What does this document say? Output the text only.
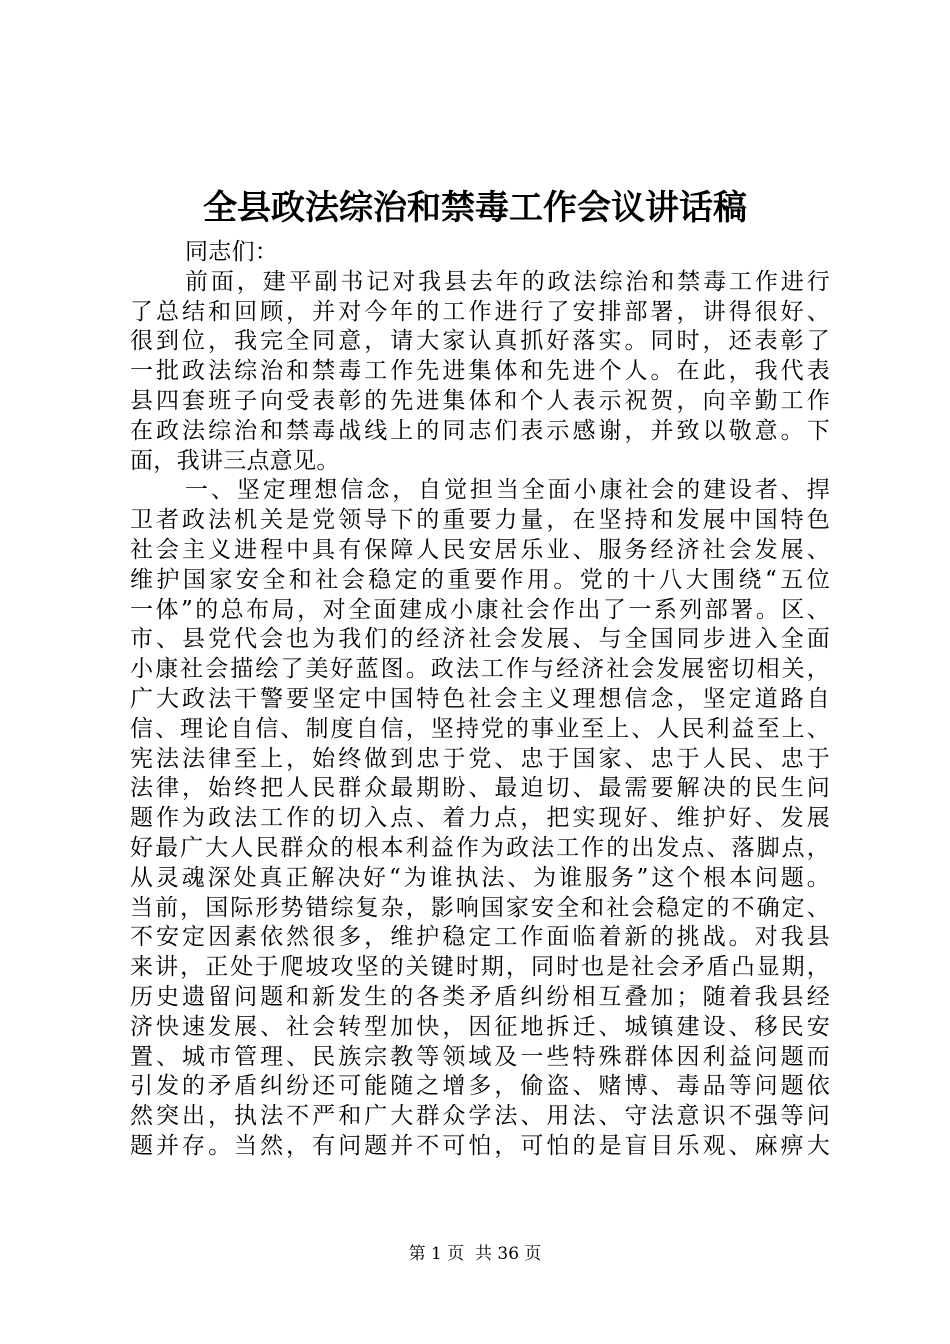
全县政法综治和禁毒工作会议讲话稿
同志们：
前面，建平副书记对我县去年的政法综治和禁毒工作进行
了总结和回顾，并对今年的工作进行了安排部署，讲得很好、
很到位，我完全同意，请大家认真抓好落实。同时，还表彰了
一批政法综治和禁毒工作先进集体和先进个人。在此，我代表
县四套班子向受表彰的先进集体和个人表示祝贺，向辛勤工作
在政法综治和禁毒战线上的同志们表示感谢，并致以敬意。下
面，我讲三点意见。
一、坚定理想信念，自觉担当全面小康社会的建设者、捍
卫者政法机关是党领导下的重要力量，在坚持和发展中国特色
社会主义进程中具有保障人民安居乐业、服务经济社会发展、
维护国家安全和社会稳定的重要作用。党的十八大围绕“五位
一体”的总布局，对全面建成小康社会作出了一系列部署。区、
市、县党代会也为我们的经济社会发展、与全国同步进入全面
小康社会描绘了美好蓝图。政法工作与经济社会发展密切相关，
广大政法干警要坚定中国特色社会主义理想信念，坚定道路自
信、理论自信、制度自信，坚持党的事业至上、人民利益至上、
宪法法律至上，始终做到忠于党、忠于国家、忠于人民、忠于
法律，始终把人民群众最期盼、最迫切、最需要解决的民生问
题作为政法工作的切入点、着力点，把实现好、维护好、发展
好最广大人民群众的根本利益作为政法工作的出发点、落脚点，
从灵魂深处真正解决好“为谁执法、为谁服务”这个根本问题。
当前，国际形势错综复杂，影响国家安全和社会稳定的不确定、
不安定因素依然很多，维护稳定工作面临着新的挑战。对我县
来讲，正处于爬坡攻坚的关键时期，同时也是社会矛盾凸显期，
历史遗留问题和新发生的各类矛盾纠纷相互叠加；随着我县经
济快速发展、社会转型加快，因征地拆迁、城镇建设、移民安
置、城市管理、民族宗教等领域及一些特殊群体因利益问题而
引发的矛盾纠纷还可能随之增多，偷盗、赌博、毒品等问题依
然突出，执法不严和广大群众学法、用法、守法意识不强等问
题并存。当然，有问题并不可怕，可怕的是盲目乐观、麻痹大
第 1 页  共 36 页
